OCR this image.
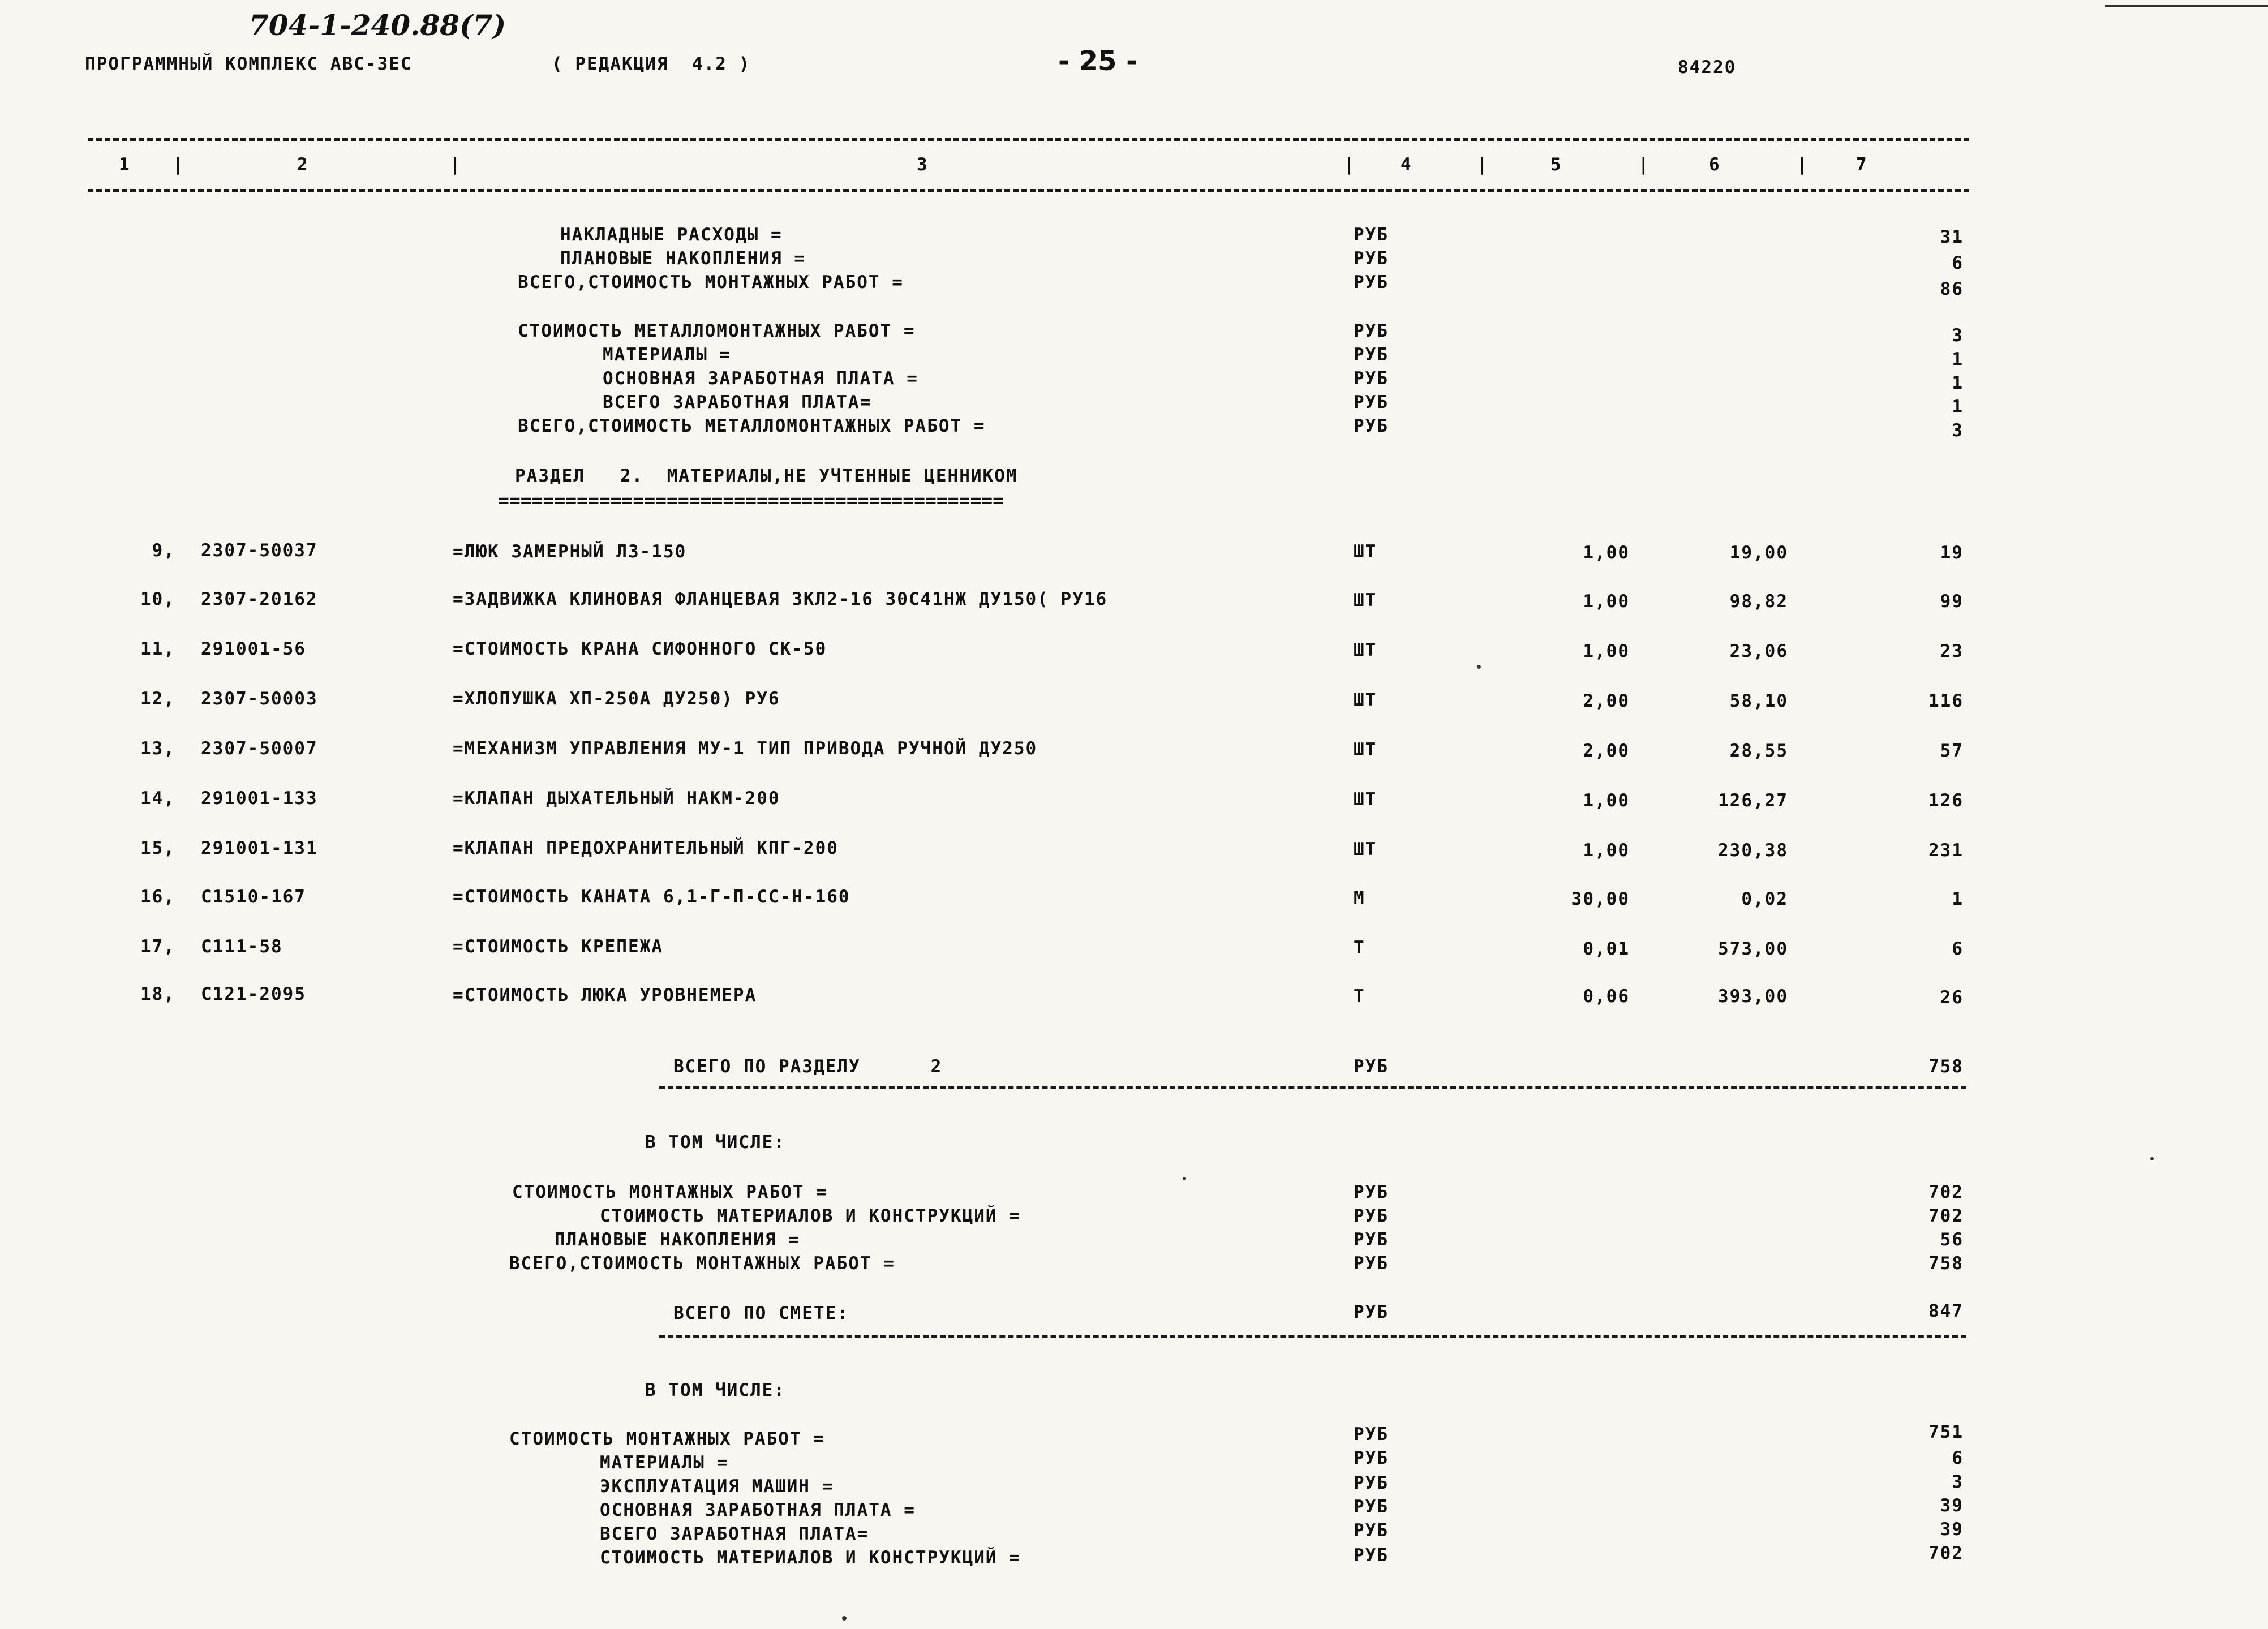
704-1-240.88(7)
ПРОГРАММНЫЙ КОМПЛЕКС АВС-3ЕС	( РЕДАКЦИЯ  4.2 )	- 25 -	84220
1	2	3	4	5	6	7
|	|	|	|	|	|
НАКЛАДНЫЕ РАСХОДЫ =	РУБ	31
ПЛАНОВЫЕ НАКОПЛЕНИЯ =	РУБ	6
ВСЕГО,СТОИМОСТЬ МОНТАЖНЫХ РАБОТ =	РУБ	86
СТОИМОСТЬ МЕТАЛЛОМОНТАЖНЫХ РАБОТ =	РУБ	3
МАТЕРИАЛЫ =	РУБ	1
ОСНОВНАЯ ЗАРАБОТНАЯ ПЛАТА =	РУБ	1
ВСЕГО ЗАРАБОТНАЯ ПЛАТА=	РУБ	1
ВСЕГО,СТОИМОСТЬ МЕТАЛЛОМОНТАЖНЫХ РАБОТ =	РУБ	3
РАЗДЕЛ   2.  МАТЕРИАЛЫ,НЕ УЧТЕННЫЕ ЦЕННИКОМ
=============================================
9, 2307-50037	=ЛЮК ЗАМЕРНЫЙ ЛЗ-150	ШТ	1,00	19,00	19
10, 2307-20162	=ЗАДВИЖКА КЛИНОВАЯ ФЛАНЦЕВАЯ ЗКЛ2-16 30С41НЖ ДУ150( РУ16	ШТ	1,00	98,82	99
11, 291001-56	=СТОИМОСТЬ КРАНА СИФОННОГО СК-50	ШТ	1,00	23,06	23
12, 2307-50003	=ХЛОПУШКА ХП-250А ДУ250) РУ6	ШТ	2,00	58,10	116
13, 2307-50007	=МЕХАНИЗМ УПРАВЛЕНИЯ МУ-1 ТИП ПРИВОДА РУЧНОЙ ДУ250	ШТ	2,00	28,55	57
14, 291001-133	=КЛАПАН ДЫХАТЕЛЬНЫЙ НАКМ-200	ШТ	1,00	126,27	126
15, 291001-131	=КЛАПАН ПРЕДОХРАНИТЕЛЬНЫЙ КПГ-200	ШТ	1,00	230,38	231
16, С1510-167	=СТОИМОСТЬ КАНАТА 6,1-Г-П-СС-Н-160	М	30,00	0,02	1
17, С111-58	=СТОИМОСТЬ КРЕПЕЖА	Т	0,01	573,00	6
18, С121-2095	=СТОИМОСТЬ ЛЮКА УРОВНЕМЕРА	Т	0,06	393,00	26
ВСЕГО ПО РАЗДЕЛУ      2	РУБ	758
В ТОМ ЧИСЛЕ:
СТОИМОСТЬ МОНТАЖНЫХ РАБОТ =	РУБ	702
СТОИМОСТЬ МАТЕРИАЛОВ И КОНСТРУКЦИЙ =	РУБ	702
ПЛАНОВЫЕ НАКОПЛЕНИЯ =	РУБ	56
ВСЕГО,СТОИМОСТЬ МОНТАЖНЫХ РАБОТ =	РУБ	758
ВСЕГО ПО СМЕТЕ:	РУБ	847
В ТОМ ЧИСЛЕ:
СТОИМОСТЬ МОНТАЖНЫХ РАБОТ =	РУБ	751
МАТЕРИАЛЫ =	РУБ	6
ЭКСПЛУАТАЦИЯ МАШИН =	РУБ	3
ОСНОВНАЯ ЗАРАБОТНАЯ ПЛАТА =	РУБ	39
ВСЕГО ЗАРАБОТНАЯ ПЛАТА=	РУБ	39
СТОИМОСТЬ МАТЕРИАЛОВ И КОНСТРУКЦИЙ =	РУБ	702
